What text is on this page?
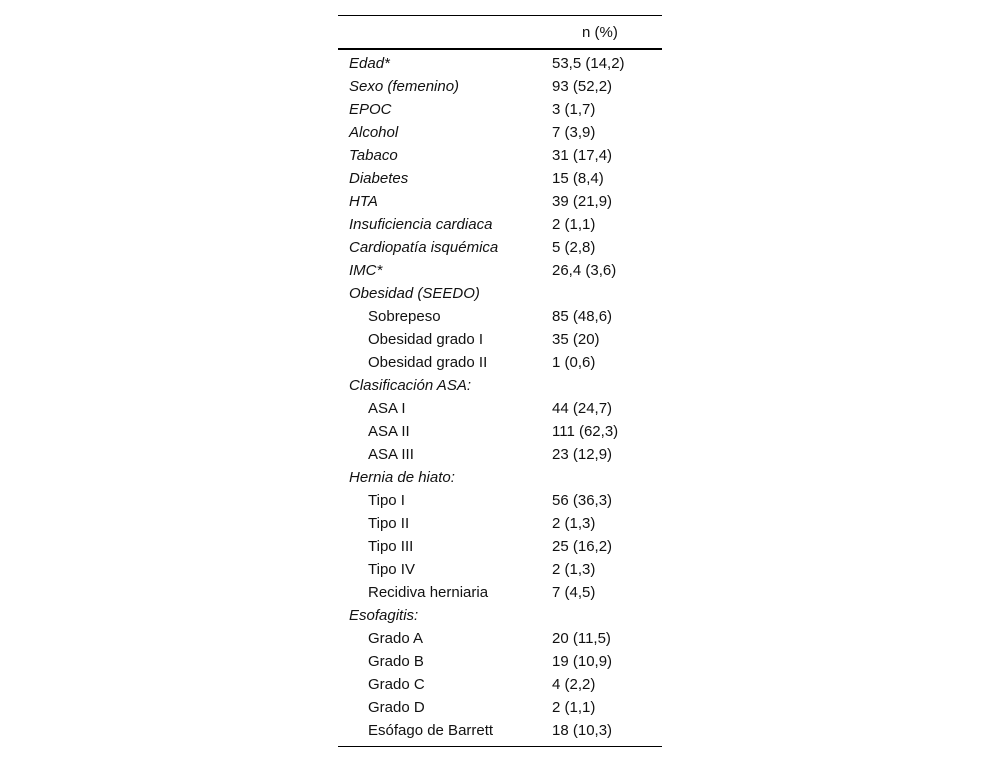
n (%)
Edad*	53,5 (14,2)
Sexo (femenino)	93 (52,2)
EPOC	3 (1,7)
Alcohol	7 (3,9)
Tabaco	31 (17,4)
Diabetes	15 (8,4)
HTA	39 (21,9)
Insuficiencia cardiaca	2 (1,1)
Cardiopatía isquémica	5 (2,8)
IMC*	26,4 (3,6)
Obesidad (SEEDO)
Sobrepeso	85 (48,6)
Obesidad grado I	35 (20)
Obesidad grado II	1 (0,6)
Clasificación ASA:
ASA I	44 (24,7)
ASA II	111 (62,3)
ASA III	23 (12,9)
Hernia de hiato:
Tipo I	56 (36,3)
Tipo II	2 (1,3)
Tipo III	25 (16,2)
Tipo IV	2 (1,3)
Recidiva herniaria	7 (4,5)
Esofagitis:
Grado A	20 (11,5)
Grado B	19 (10,9)
Grado C	4 (2,2)
Grado D	2 (1,1)
Esófago de Barrett	18 (10,3)
